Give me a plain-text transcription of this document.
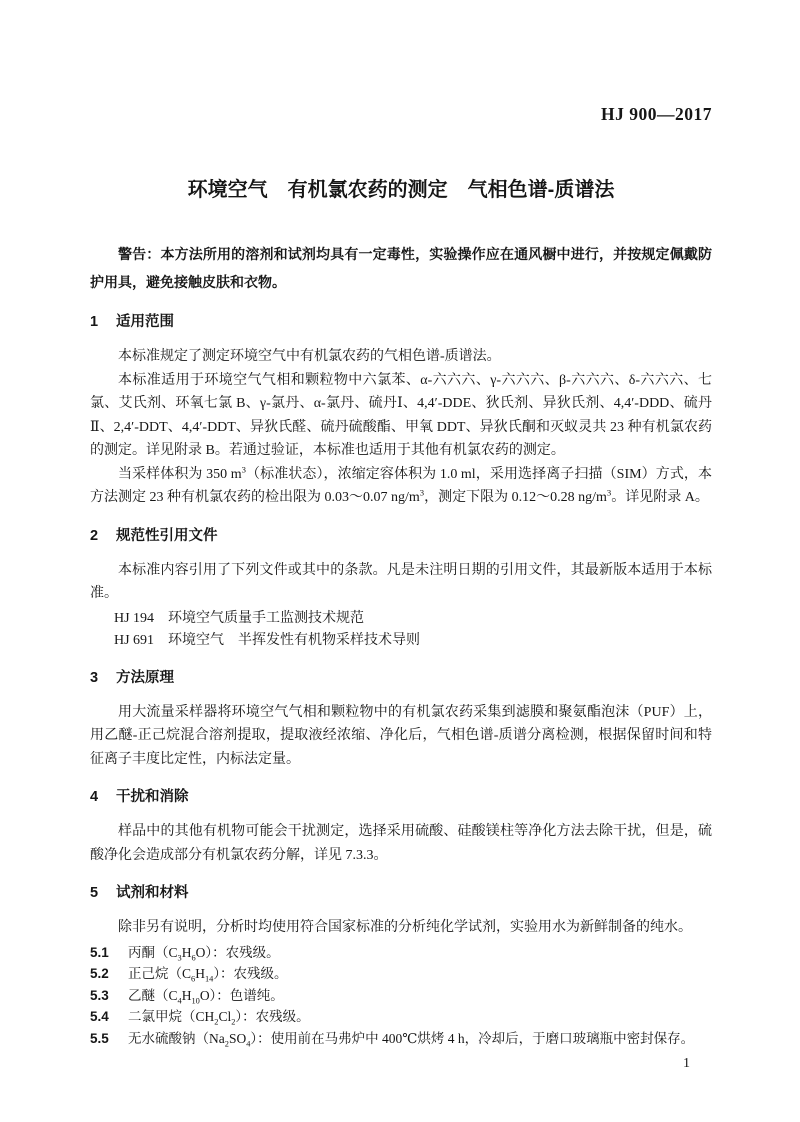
HJ 900—2017
环境空气　有机氯农药的测定　气相色谱-质谱法

警告：本方法所用的溶剂和试剂均具有一定毒性，实验操作应在通风橱中进行，并按规定佩戴防护用具，避免接触皮肤和衣物。

1 适用范围

本标准规定了测定环境空气中有机氯农药的气相色谱-质谱法。

本标准适用于环境空气气相和颗粒物中六氯苯、α-六六六、γ-六六六、β-六六六、δ-六六六、七氯、艾氏剂、环氧七氯 B、γ-氯丹、α-氯丹、硫丹Ⅰ、4,4′-DDE、狄氏剂、异狄氏剂、4,4′-DDD、硫丹Ⅱ、2,4′-DDT、4,4′-DDT、异狄氏醛、硫丹硫酸酯、甲氧 DDT、异狄氏酮和灭蚁灵共 23 种有机氯农药的测定。详见附录 B。若通过验证，本标准也适用于其他有机氯农药的测定。

当采样体积为 350 $m^3$（标准状态），浓缩定容体积为 1.0 ml，采用选择离子扫描（SIM）方式，本方法测定 23 种有机氯农药的检出限为 0.03～0.07 $ng/m^3$，测定下限为 0.12～0.28 $ng/m^3$。详见附录 A。

2 规范性引用文件

本标准内容引用了下列文件或其中的条款。凡是未注明日期的引用文件，其最新版本适用于本标准。

HJ 194　环境空气质量手工监测技术规范

HJ 691　环境空气　半挥发性有机物采样技术导则

3 方法原理

用大流量采样器将环境空气气相和颗粒物中的有机氯农药采集到滤膜和聚氨酯泡沫（PUF）上，用乙醚-正己烷混合溶剂提取，提取液经浓缩、净化后，气相色谱-质谱分离检测，根据保留时间和特征离子丰度比定性，内标法定量。

4 干扰和消除

样品中的其他有机物可能会干扰测定，选择采用硫酸、硅酸镁柱等净化方法去除干扰，但是，硫酸净化会造成部分有机氯农药分解，详见 7.3.3。

5 试剂和材料

除非另有说明，分析时均使用符合国家标准的分析纯化学试剂，实验用水为新鲜制备的纯水。

5.1 丙酮$(C_3H_6O)$：农残级。
5.2 正己烷$(C_6H_{14})$：农残级。
5.3 乙醚$(C_4H_{10}O)$：色谱纯。
5.4 二氯甲烷$(CH_2Cl_2)$：农残级。
5.5 无水硫酸钠$(Na_2SO_4)$：使用前在马弗炉中 400℃烘烤 4 h，冷却后，于磨口玻璃瓶中密封保存。
1
